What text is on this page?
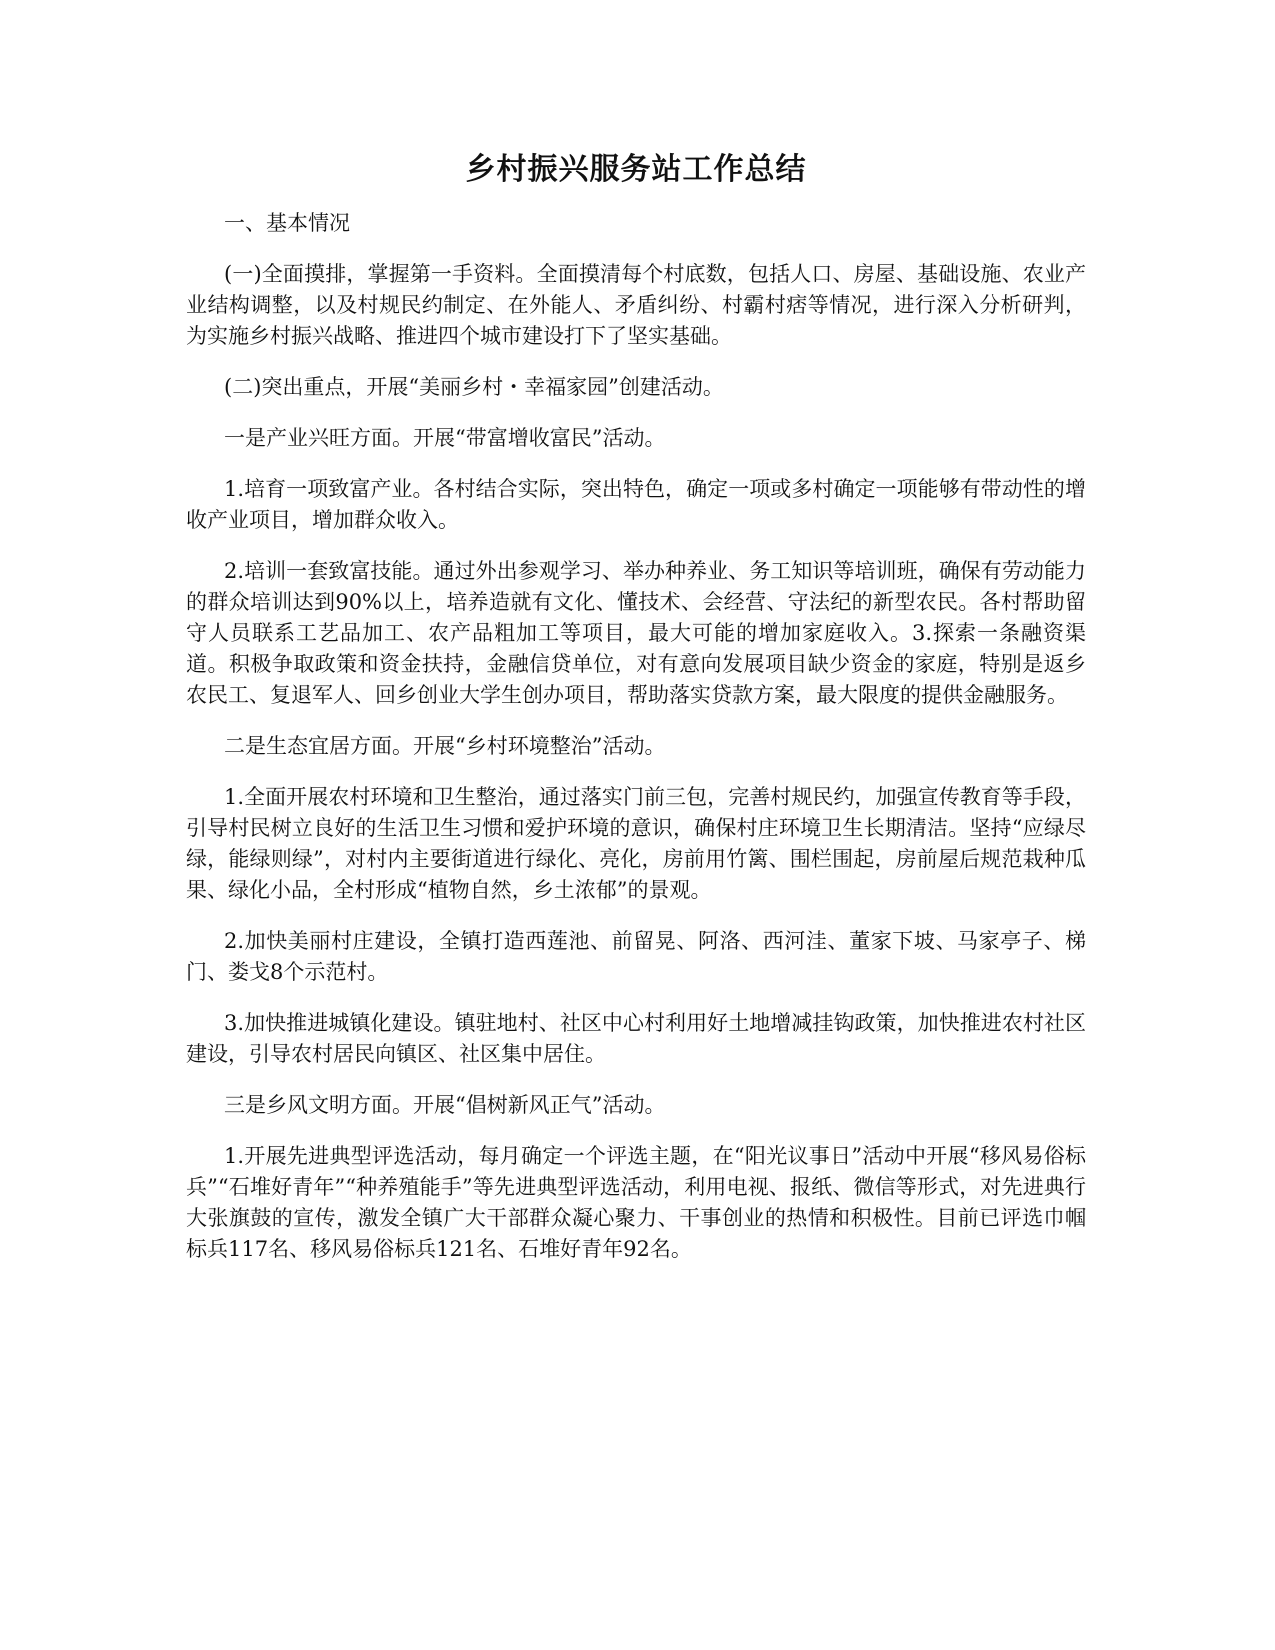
乡村振兴服务站工作总结

一、基本情况

(一)全面摸排，掌握第一手资料。全面摸清每个村底数，包括人口、房屋、基础设施、农业产业结构调整，以及村规民约制定、在外能人、矛盾纠纷、村霸村痞等情况，进行深入分析研判，为实施乡村振兴战略、推进四个城市建设打下了坚实基础。

(二)突出重点，开展“美丽乡村・幸福家园”创建活动。

一是产业兴旺方面。开展“带富增收富民”活动。

1.培育一项致富产业。各村结合实际，突出特色，确定一项或多村确定一项能够有带动性的增收产业项目，增加群众收入。

2.培训一套致富技能。通过外出参观学习、举办种养业、务工知识等培训班，确保有劳动能力的群众培训达到90%以上，培养造就有文化、懂技术、会经营、守法纪的新型农民。各村帮助留守人员联系工艺品加工、农产品粗加工等项目，最大可能的增加家庭收入。3.探索一条融资渠道。积极争取政策和资金扶持，金融信贷单位，对有意向发展项目缺少资金的家庭，特别是返乡农民工、复退军人、回乡创业大学生创办项目，帮助落实贷款方案，最大限度的提供金融服务。

二是生态宜居方面。开展“乡村环境整治”活动。

1.全面开展农村环境和卫生整治，通过落实门前三包，完善村规民约，加强宣传教育等手段，引导村民树立良好的生活卫生习惯和爱护环境的意识，确保村庄环境卫生长期清洁。坚持“应绿尽绿，能绿则绿”，对村内主要街道进行绿化、亮化，房前用竹篱、围栏围起，房前屋后规范栽种瓜果、绿化小品，全村形成“植物自然，乡土浓郁”的景观。

2.加快美丽村庄建设，全镇打造西莲池、前留晃、阿洛、西河洼、董家下坡、马家亭子、梯门、娄戈8个示范村。

3.加快推进城镇化建设。镇驻地村、社区中心村利用好土地增减挂钩政策，加快推进农村社区建设，引导农村居民向镇区、社区集中居住。

三是乡风文明方面。开展“倡树新风正气”活动。

1.开展先进典型评选活动，每月确定一个评选主题，在“阳光议事日”活动中开展“移风易俗标兵”“石堆好青年”“种养殖能手”等先进典型评选活动，利用电视、报纸、微信等形式，对先进典行大张旗鼓的宣传，激发全镇广大干部群众凝心聚力、干事创业的热情和积极性。目前已评选巾帼标兵117名、移风易俗标兵121名、石堆好青年92名。
